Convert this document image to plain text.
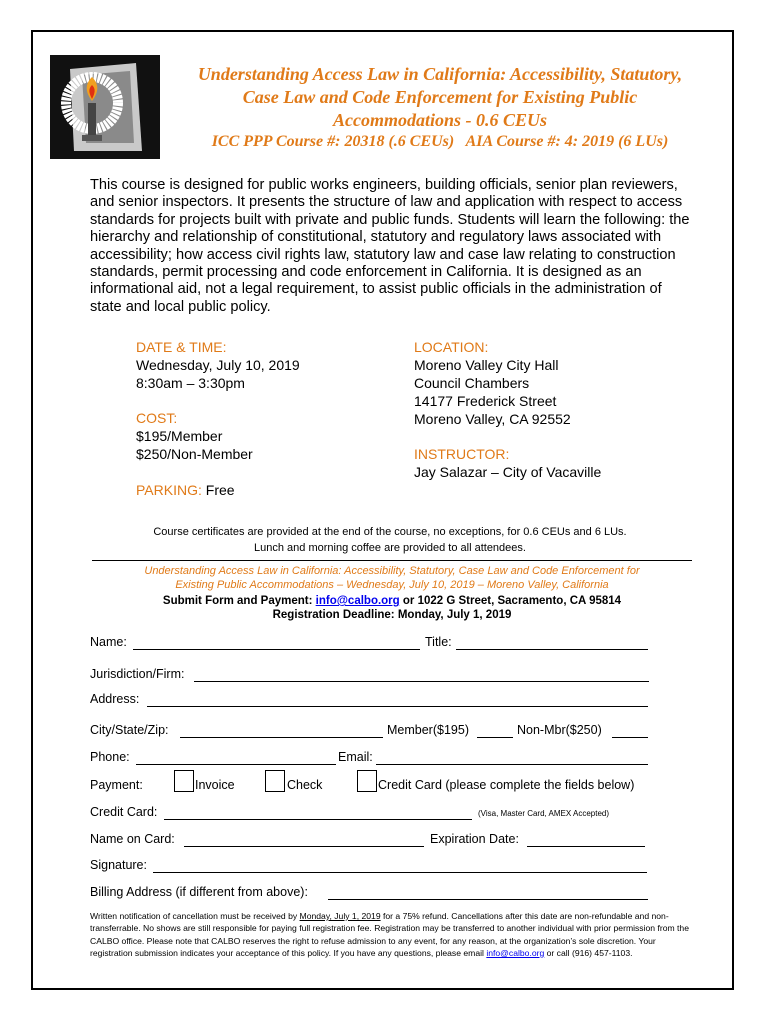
Understanding Access Law in California: Accessibility, Statutory,
Case Law and Code Enforcement for Existing Public
Accommodations - 0.6 CEUs
ICC PPP Course #: 20318 (.6 CEUs)   AIA Course #: 4: 2019 (6 LUs)
This course is designed for public works engineers, building officials, senior plan reviewers, and senior inspectors. It presents the structure of law and application with respect to access standards for projects built with private and public funds. Students will learn the following: the hierarchy and relationship of constitutional, statutory and regulatory laws associated with accessibility; how access civil rights law, statutory law and case law relating to construction standards, permit processing and code enforcement in California. It is designed as an informational aid, not a legal requirement, to assist public officials in the administration of state and local public policy.
DATE & TIME:
Wednesday, July 10, 2019
8:30am – 3:30pm
COST:
$195/Member
$250/Non-Member
PARKING: Free
LOCATION:
Moreno Valley City Hall
Council Chambers
14177 Frederick Street
Moreno Valley, CA 92552
INSTRUCTOR:
Jay Salazar – City of Vacaville
Course certificates are provided at the end of the course, no exceptions, for 0.6 CEUs and 6 LUs.
Lunch and morning coffee are provided to all attendees.
Understanding Access Law in California: Accessibility, Statutory, Case Law and Code Enforcement for
Existing Public Accommodations – Wednesday, July 10, 2019 – Moreno Valley, California
Submit Form and Payment: info@calbo.org or 1022 G Street, Sacramento, CA 95814
Registration Deadline: Monday, July 1, 2019
Name:	Title:
Jurisdiction/Firm:
Address:
City/State/Zip:	Member($195)	Non-Mbr($250)
Phone:	Email:
Payment:	Invoice	Check	Credit Card (please complete the fields below)
Credit Card:	(Visa, Master Card, AMEX Accepted)
Name on Card:	Expiration Date:
Signature:
Billing Address (if different from above):
Written notification of cancellation must be received by Monday, July 1, 2019 for a 75% refund. Cancellations after this date are non-refundable and non-transferrable. No shows are still responsible for paying full registration fee. Registration may be transferred to another individual with prior permission from the CALBO office. Please note that CALBO reserves the right to refuse admission to any event, for any reason, at the organization’s sole discretion. Your registration submission indicates your acceptance of this policy. If you have any questions, please email info@calbo.org or call (916) 457-1103.
